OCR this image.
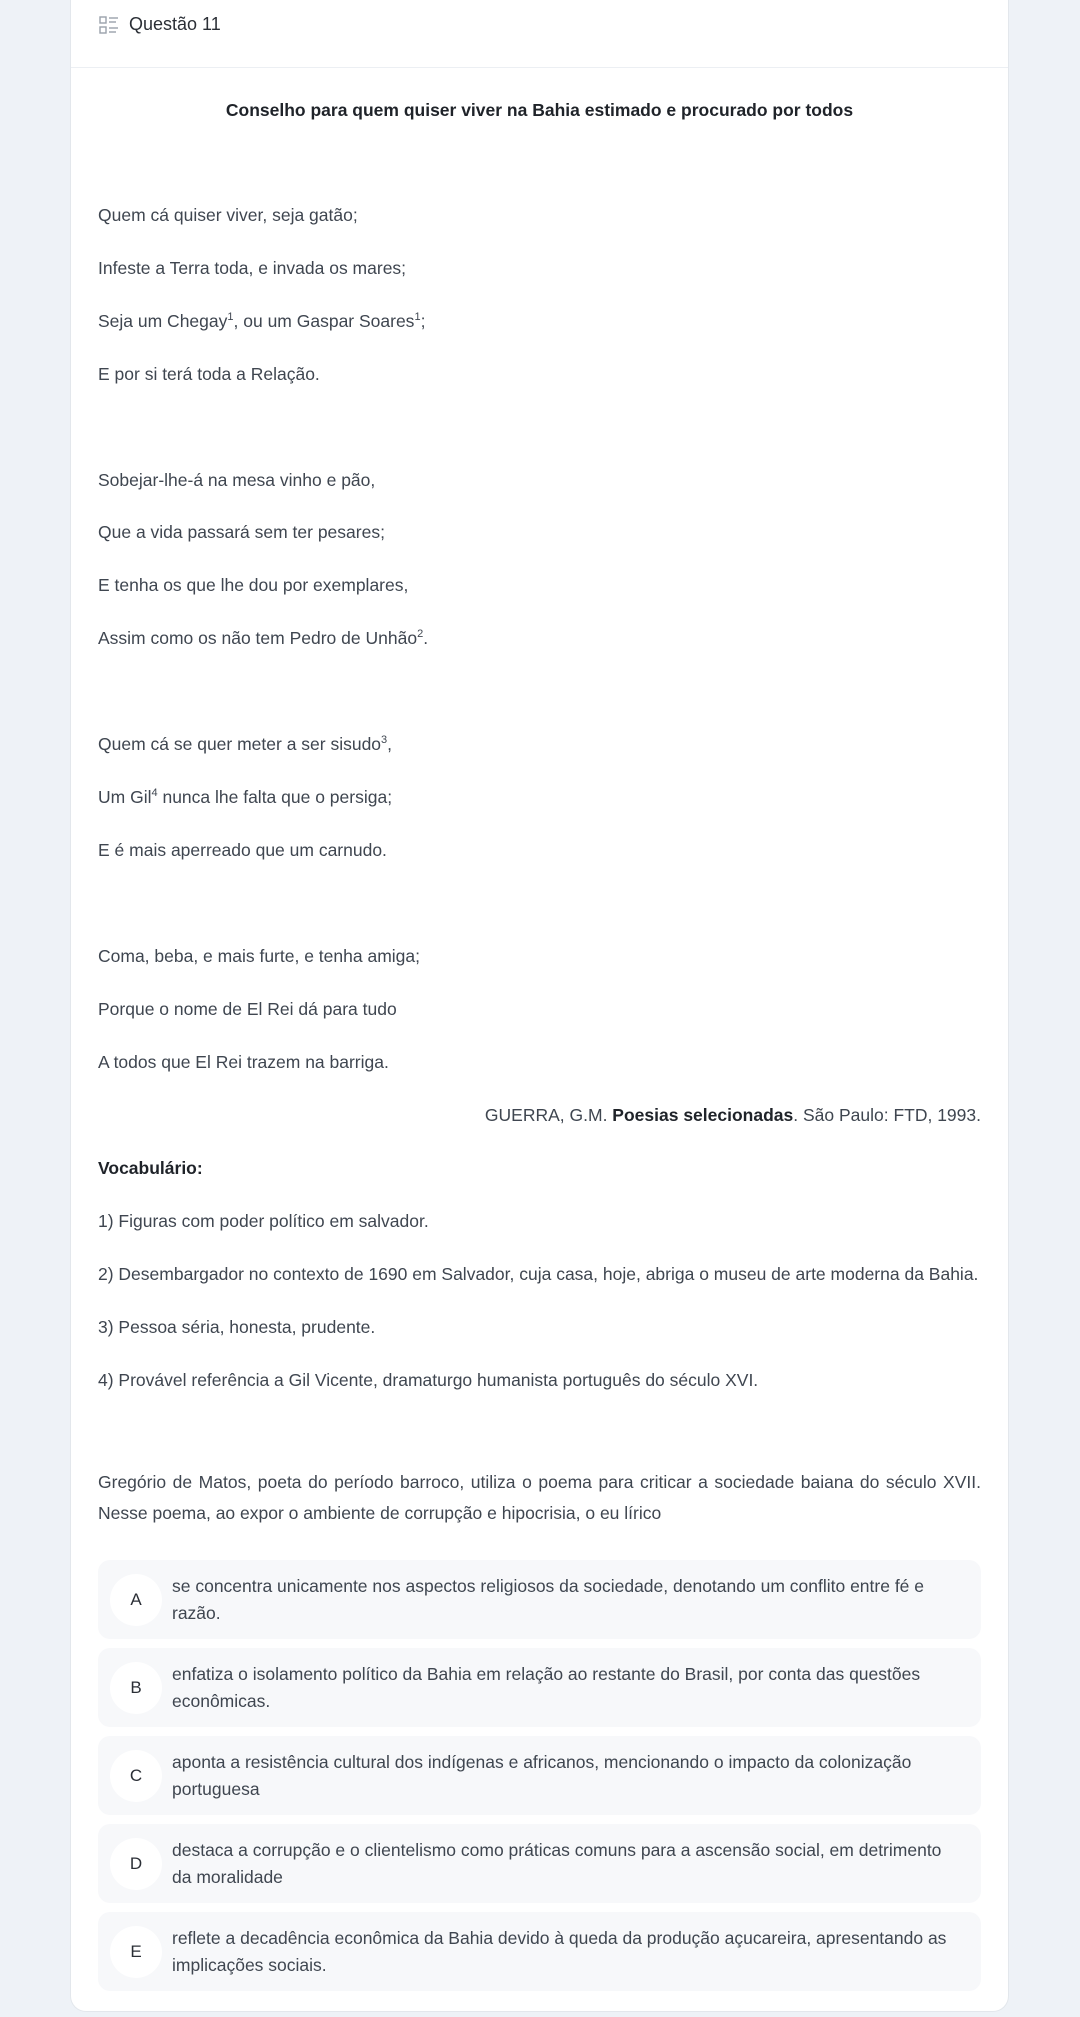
Questão 11
Conselho para quem quiser viver na Bahia estimado e procurado por todos
Quem cá quiser viver, seja gatão;
Infeste a Terra toda, e invada os mares;
Seja um Chegay$^1$, ou um Gaspar Soares$^1$;
E por si terá toda a Relação.
Sobejar-lhe-á na mesa vinho e pão,
Que a vida passará sem ter pesares;
E tenha os que lhe dou por exemplares,
Assim como os não tem Pedro de Unhão$^2$.
Quem cá se quer meter a ser sisudo$^3$,
Um Gil$^4$ nunca lhe falta que o persiga;
E é mais aperreado que um carnudo.
Coma, beba, e mais furte, e tenha amiga;
Porque o nome de El Rei dá para tudo
A todos que El Rei trazem na barriga.
GUERRA, G.M. Poesias selecionadas. São Paulo: FTD, 1993.
Vocabulário:
1) Figuras com poder político em salvador.
2) Desembargador no contexto de 1690 em Salvador, cuja casa, hoje, abriga o museu de arte moderna da Bahia.
3) Pessoa séria, honesta, prudente.
4) Provável referência a Gil Vicente, dramaturgo humanista português do século XVI.
Gregório de Matos, poeta do período barroco, utiliza o poema para criticar a sociedade baiana do século XVII. Nesse poema, ao expor o ambiente de corrupção e hipocrisia, o eu lírico
A
se concentra unicamente nos aspectos religiosos da sociedade, denotando um conflito entre fé e razão.
B
enfatiza o isolamento político da Bahia em relação ao restante do Brasil, por conta das questões econômicas.
C
aponta a resistência cultural dos indígenas e africanos, mencionando o impacto da colonização portuguesa
D
destaca a corrupção e o clientelismo como práticas comuns para a ascensão social, em detrimento da moralidade
E
reflete a decadência econômica da Bahia devido à queda da produção açucareira, apresentando as implicações sociais.
